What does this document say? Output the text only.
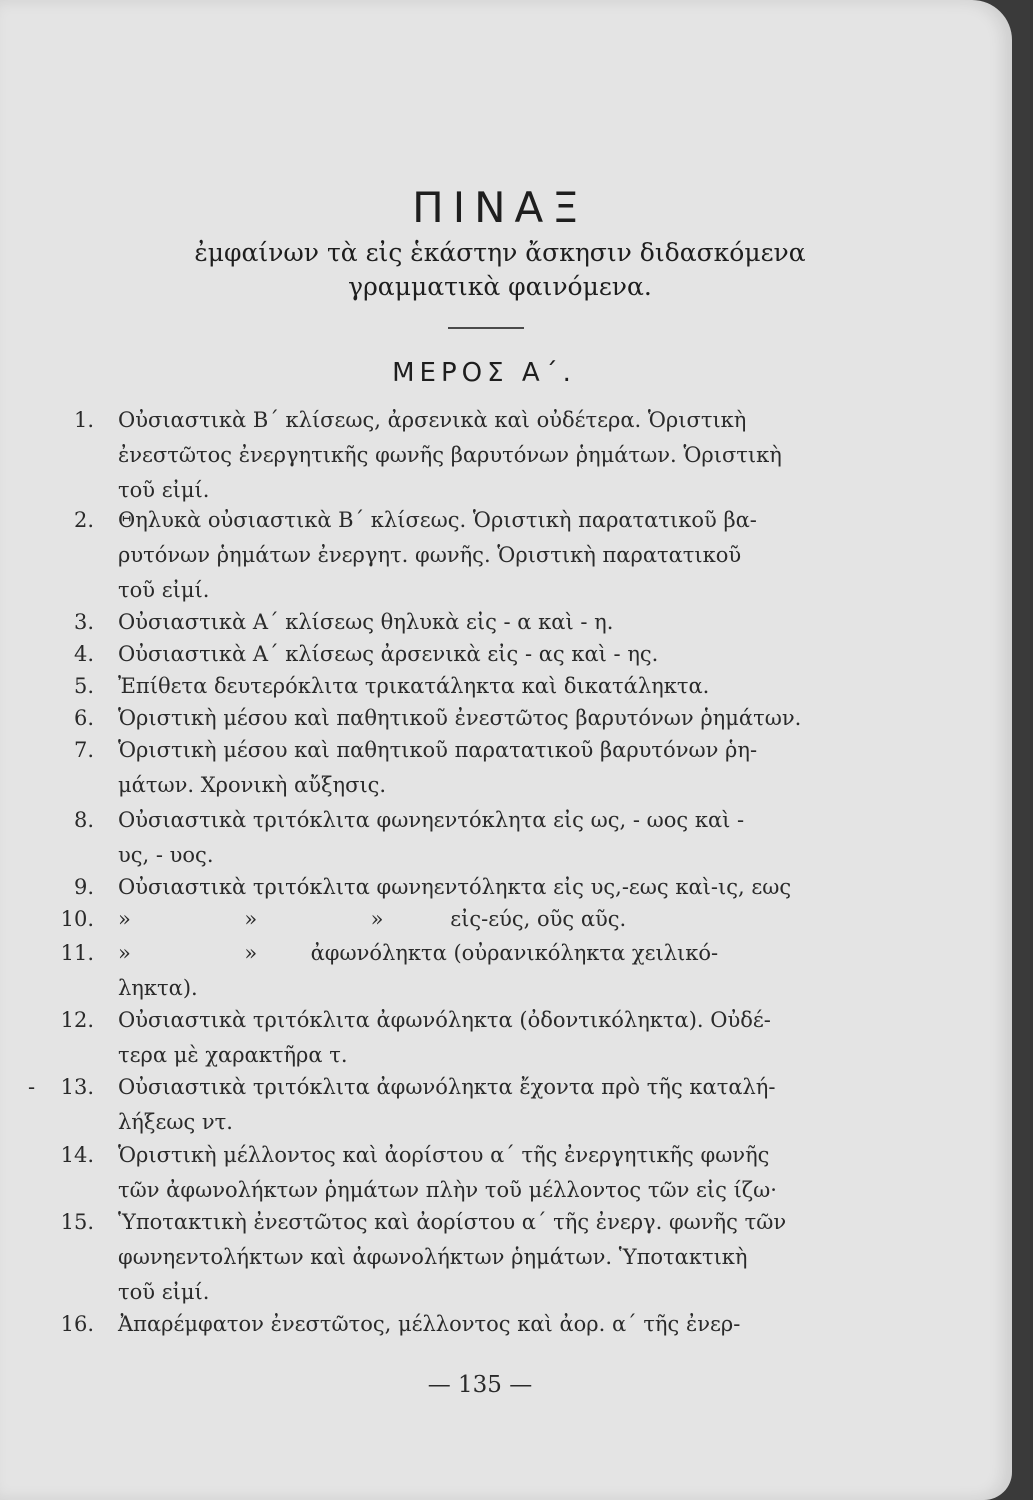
ΠΙΝΑΞ
ἐμφαίνων τὰ εἰς ἑκάστην ἄσκησιν διδασκόμενα
γραμματικὰ φαινόμενα.
ΜΕΡΟΣ Α΄.
1. Οὐσιαστικὰ Β΄ κλίσεως, ἀρσενικὰ καὶ οὐδέτερα. Ὁριστικὴ
ἐνεστῶτος ἐνεργητικῆς φωνῆς βαρυτόνων ῥημάτων. Ὁριστικὴ
τοῦ εἰμί.
2. Θηλυκὰ οὐσιαστικὰ Β΄ κλίσεως. Ὁριστικὴ παρατατικοῦ βα-
ρυτόνων ῥημάτων ἐνεργητ. φωνῆς. Ὁριστικὴ παρατατικοῦ
τοῦ εἰμί.
3. Οὐσιαστικὰ Α΄ κλίσεως θηλυκὰ εἰς - α καὶ - η.
4. Οὐσιαστικὰ Α΄ κλίσεως ἀρσενικὰ εἰς - ας καὶ - ης.
5. Ἐπίθετα δευτερόκλιτα τρικατάληκτα καὶ δικατάληκτα.
6. Ὁριστικὴ μέσου καὶ παθητικοῦ ἐνεστῶτος βαρυτόνων ῥημάτων.
7. Ὁριστικὴ μέσου καὶ παθητικοῦ παρατατικοῦ βαρυτόνων ῥη-
μάτων. Χρονικὴ αὔξησις.
8. Οὐσιαστικὰ τριτόκλιτα φωνηεντόκλητα εἰς ως, - ωος καὶ -
υς, - υος.
9. Οὐσιαστικὰ τριτόκλιτα φωνηεντόληκτα εἰς υς,-εως καὶ-ις, εως
10. »                 »                 »          εἰς-εύς, οῦς αῦς.
11. »                 »        ἀφωνόληκτα (οὐρανικόληκτα χειλικό-
ληκτα).
12. Οὐσιαστικὰ τριτόκλιτα ἀφωνόληκτα (ὀδοντικόληκτα). Οὐδέ-
τερα μὲ χαρακτῆρα τ.
13. Οὐσιαστικὰ τριτόκλιτα ἀφωνόληκτα ἔχοντα πρὸ τῆς καταλή-
λήξεως ντ.
14. Ὁριστικὴ μέλλοντος καὶ ἀορίστου α΄ τῆς ἐνεργητικῆς φωνῆς
τῶν ἀφωνολήκτων ῥημάτων πλὴν τοῦ μέλλοντος τῶν εἰς ίζω·
15. Ὑποτακτικὴ ἐνεστῶτος καὶ ἀορίστου α΄ τῆς ἐνεργ. φωνῆς τῶν
φωνηεντολήκτων καὶ ἀφωνολήκτων ῥημάτων. Ὑποτακτικὴ
τοῦ εἰμί.
16. Ἀπαρέμφατον ἐνεστῶτος, μέλλοντος καὶ ἀορ. α΄ τῆς ἐνερ-
-
— 135 —
